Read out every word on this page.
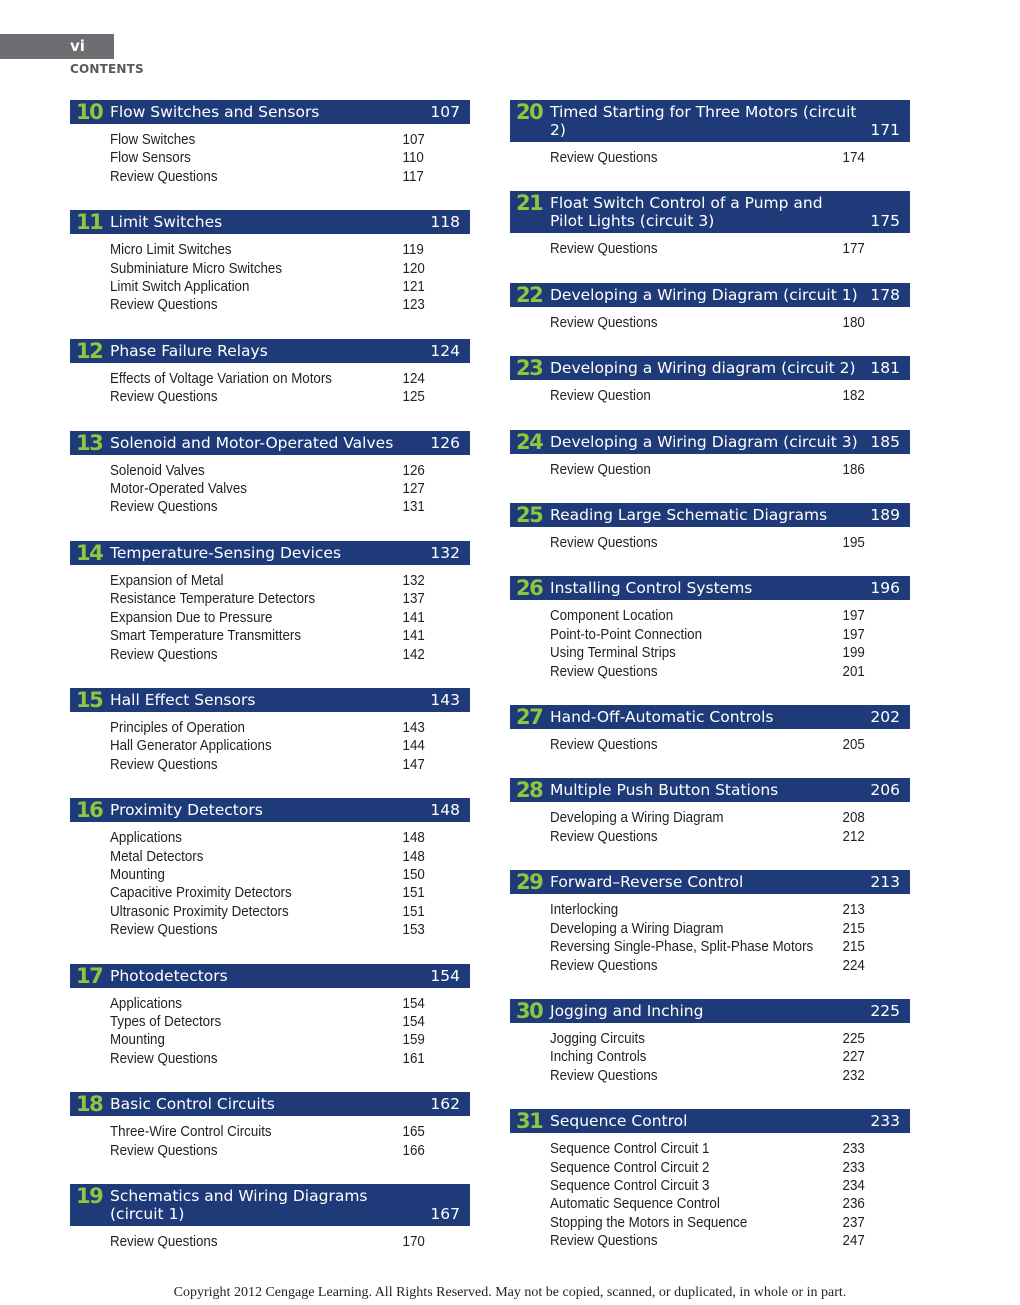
vi
CONTENTS
10 Flow Switches and Sensors	107
Flow Switches	107
Flow Sensors	110
Review Questions	117
11 Limit Switches	118
Micro Limit Switches	119
Subminiature Micro Switches	120
Limit Switch Application	121
Review Questions	123
12 Phase Failure Relays	124
Effects of Voltage Variation on Motors	124
Review Questions	125
13 Solenoid and Motor-Operated Valves	126
Solenoid Valves	126
Motor-Operated Valves	127
Review Questions	131
14 Temperature-Sensing Devices	132
Expansion of Metal	132
Resistance Temperature Detectors	137
Expansion Due to Pressure	141
Smart Temperature Transmitters	141
Review Questions	142
15 Hall Effect Sensors	143
Principles of Operation	143
Hall Generator Applications	144
Review Questions	147
16 Proximity Detectors	148
Applications	148
Metal Detectors	148
Mounting	150
Capacitive Proximity Detectors	151
Ultrasonic Proximity Detectors	151
Review Questions	153
17 Photodetectors	154
Applications	154
Types of Detectors	154
Mounting	159
Review Questions	161
18 Basic Control Circuits	162
Three-Wire Control Circuits	165
Review Questions	166
19 Schematics and Wiring Diagrams (circuit 1)	167
Review Questions	170
20 Timed Starting for Three Motors (circuit 2)	171
Review Questions	174
21 Float Switch Control of a Pump and Pilot Lights (circuit 3)	175
Review Questions	177
22 Developing a Wiring Diagram (circuit 1) 178
Review Questions	180
23 Developing a Wiring diagram (circuit 2) 181
Review Question	182
24 Developing a Wiring Diagram (circuit 3) 185
Review Question	186
25 Reading Large Schematic Diagrams	189
Review Questions	195
26 Installing Control Systems	196
Component Location	197
Point-to-Point Connection	197
Using Terminal Strips	199
Review Questions	201
27 Hand-Off-Automatic Controls	202
Review Questions	205
28 Multiple Push Button Stations	206
Developing a Wiring Diagram	208
Review Questions	212
29 Forward–Reverse Control	213
Interlocking	213
Developing a Wiring Diagram	215
Reversing Single-Phase, Split-Phase Motors	215
Review Questions	224
30 Jogging and Inching	225
Jogging Circuits	225
Inching Controls	227
Review Questions	232
31 Sequence Control	233
Sequence Control Circuit 1	233
Sequence Control Circuit 2	233
Sequence Control Circuit 3	234
Automatic Sequence Control	236
Stopping the Motors in Sequence	237
Review Questions	247
Copyright 2012 Cengage Learning. All Rights Reserved. May not be copied, scanned, or duplicated, in whole or in part.
